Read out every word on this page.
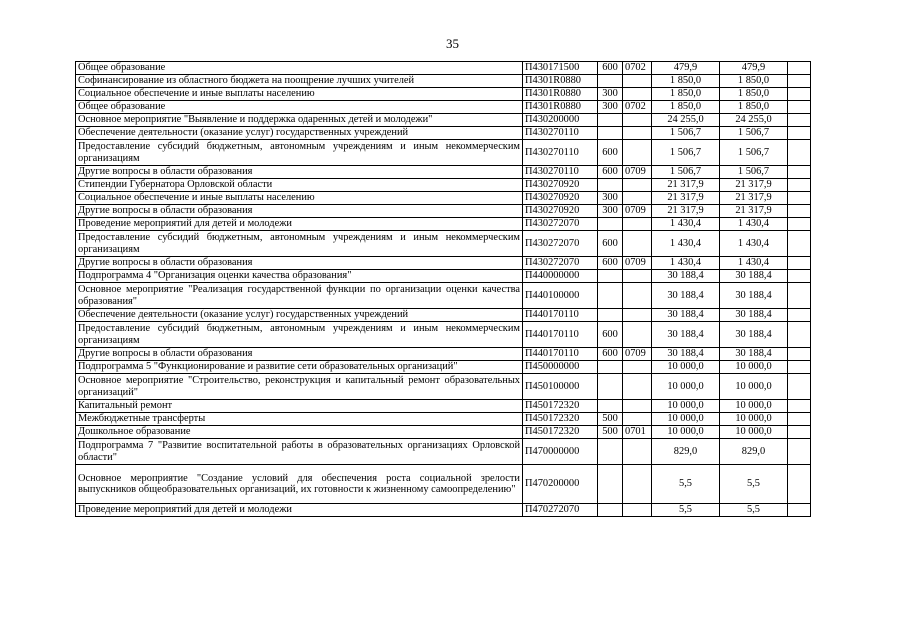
35
Общее образование	П430171500	600	0702	479,9	479,9	
Софинансирование из областного бюджета на поощрение лучших учителей	П4301R0880			1 850,0	1 850,0	
Социальное обеспечение и иные выплаты населению	П4301R0880	300		1 850,0	1 850,0	
Общее образование	П4301R0880	300	0702	1 850,0	1 850,0	
Основное мероприятие "Выявление и поддержка одаренных детей и молодежи"	П430200000			24 255,0	24 255,0	
Обеспечение деятельности (оказание услуг) государственных учреждений	П430270110			1 506,7	1 506,7	
Предоставление субсидий бюджетным, автономным учреждениям и иным некоммерческим организациям	П430270110	600		1 506,7	1 506,7	
Другие вопросы в области образования	П430270110	600	0709	1 506,7	1 506,7	
Стипендии Губернатора Орловской области	П430270920			21 317,9	21 317,9	
Социальное обеспечение и иные выплаты населению	П430270920	300		21 317,9	21 317,9	
Другие вопросы в области образования	П430270920	300	0709	21 317,9	21 317,9	
Проведение мероприятий для детей и молодежи	П430272070			1 430,4	1 430,4	
Предоставление субсидий бюджетным, автономным учреждениям и иным некоммерческим организациям	П430272070	600		1 430,4	1 430,4	
Другие вопросы в области образования	П430272070	600	0709	1 430,4	1 430,4	
Подпрограмма 4 "Организация оценки качества образования"	П440000000			30 188,4	30 188,4	
Основное мероприятие "Реализация государственной функции по организации оценки качества образования"	П440100000			30 188,4	30 188,4	
Обеспечение деятельности (оказание услуг) государственных учреждений	П440170110			30 188,4	30 188,4	
Предоставление субсидий бюджетным, автономным учреждениям и иным некоммерческим организациям	П440170110	600		30 188,4	30 188,4	
Другие вопросы в области образования	П440170110	600	0709	30 188,4	30 188,4	
Подпрограмма 5 "Функционирование и развитие сети образовательных организаций"	П450000000			10 000,0	10 000,0	
Основное мероприятие "Строительство, реконструкция и капитальный ремонт образовательных организаций"	П450100000			10 000,0	10 000,0	
Капитальный ремонт	П450172320			10 000,0	10 000,0	
Межбюджетные трансферты	П450172320	500		10 000,0	10 000,0	
Дошкольное образование	П450172320	500	0701	10 000,0	10 000,0	
Подпрограмма 7 "Развитие воспитательной работы в образовательных организациях Орловской области"	П470000000			829,0	829,0	
Основное мероприятие "Создание условий для обеспечения роста социальной зрелости выпускников общеобразовательных организаций, их готовности к жизненному самоопределению"	П470200000			5,5	5,5	
Проведение мероприятий для детей и молодежи	П470272070			5,5	5,5	
